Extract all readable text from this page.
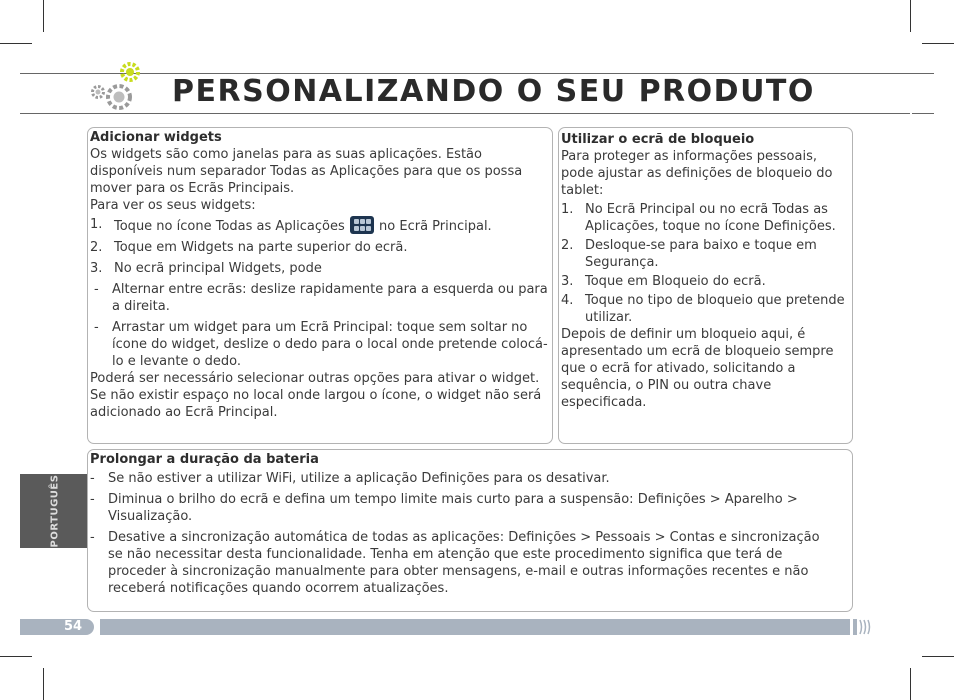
PERSONALIZANDO O SEU PRODUTO

Adicionar widgets

Os widgets são como janelas para as suas aplicações. Estão disponíveis num separador Todas as Aplicações para que os possa mover para os Ecrãs Principais.

Para ver os seus widgets:

1. Toque no ícone Todas as Aplicações	no Ecrã Principal.
2. Toque em Widgets na parte superior do ecrã.
3. No ecrã principal Widgets, pode
-	Alternar entre ecrãs: deslize rapidamente para a esquerda ou para a direita.
-	Arrastar um widget para um Ecrã Principal: toque sem soltar no ícone do widget, deslize o dedo para o local onde pretende colocá-lo e levante o dedo.

Poderá ser necessário selecionar outras opções para ativar o widget. Se não existir espaço no local onde largou o ícone, o widget não será adicionado ao Ecrã Principal.

Utilizar o ecrã de bloqueio

Para proteger as informações pessoais, pode ajustar as definições de bloqueio do tablet:

1. No Ecrã Principal ou no ecrã Todas as Aplicações, toque no ícone Definições.
2. Desloque-se para baixo e toque em Segurança.
3. Toque em Bloqueio do ecrã.
4. Toque no tipo de bloqueio que pretende utilizar.

Depois de definir um bloqueio aqui, é apresentado um ecrã de bloqueio sempre que o ecrã for ativado, solicitando a sequência, o PIN ou outra chave especificada.

Prolongar a duração da bateria

-	Se não estiver a utilizar WiFi, utilize a aplicação Definições para os desativar.
-	Diminua o brilho do ecrã e defina um tempo limite mais curto para a suspensão: Definições > Aparelho > Visualização.
-	Desative a sincronização automática de todas as aplicações: Definições > Pessoais > Contas e sincronização se não necessitar desta funcionalidade. Tenha em atenção que este procedimento significa que terá de proceder à sincronização manualmente para obter mensagens, e-mail e outras informações recentes e não receberá notificações quando ocorrem atualizações.
PORTUGUÊS
54
